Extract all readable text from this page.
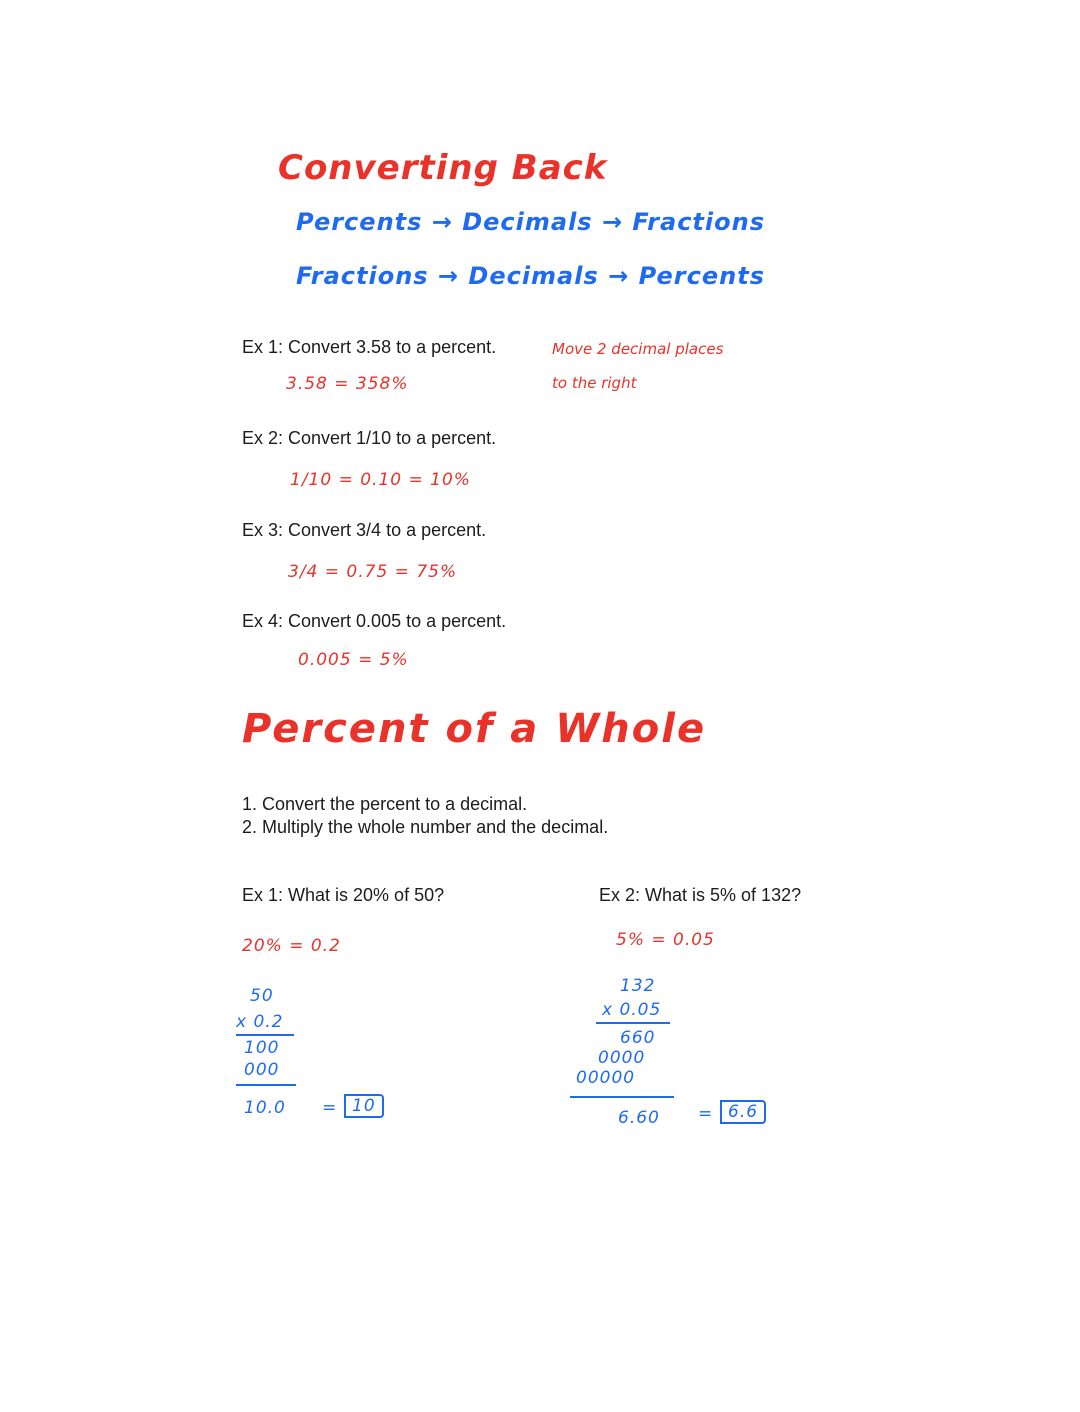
Converting Back
Percents → Decimals → Fractions
Fractions → Decimals → Percents
Ex 1: Convert 3.58 to a percent.
3.58 = 358%
Move 2 decimal places
to the right
Ex 2: Convert 1/10 to a percent.
1/10 = 0.10 = 10%
Ex 3: Convert 3/4 to a percent.
3/4 = 0.75 = 75%
Ex 4: Convert 0.005 to a percent.
0.005 = 5%
Percent of a Whole
1. Convert the percent to a decimal.
2. Multiply the whole number and the decimal.
Ex 1: What is 20% of 50?
20% = 0.2
50
x 0.2
100
000
10.0 = 10
Ex 2: What is 5% of 132?
5% = 0.05
132
x 0.05
660
0000
00000
6.60 = 6.6
